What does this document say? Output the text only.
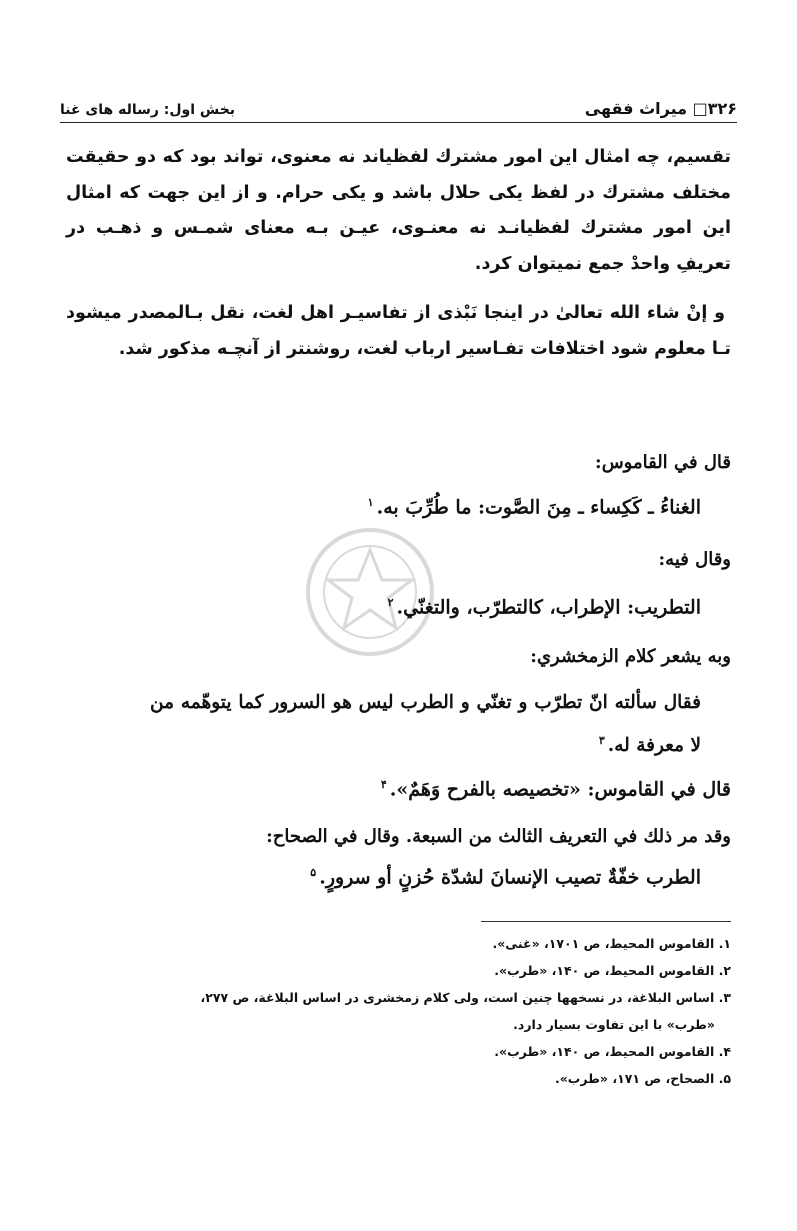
۳۲۶□ میراث فقهی
بخش اول: رساله های غنا

تقسیم، چه امثال این امور مشترك لفظیاند نه معنوی، تواند بود که دو حقیقت مختلف مشترك در لفظ یکی حلال باشد و یکی حرام. و از این جهت که امثال این امور مشترك لفظیانـد نه معنـوی، عیـن بـه معنای شمـس و ذهـب در تعریفِ واحدْ جمع نمیتوان کرد.

و إنْ شاء الله تعالیٰ در اینجا نَبْذی از تفاسیـر اهل لغت، نقل بـالمصدر میشود تـا معلوم شود اختلافات تفـاسیر ارباب لغت، روشنتر از آنچـه مذکور شد.

قال في القاموس:
الغناءُ ـ كَكِساء ـ مِنَ الصَّوت: ما طُرِّبَ به.$^۱$
وقال فيه:
التطريب: الإطراب، كالتطرّب، والتغنّي.$^۲$
وبه يشعر كلام الزمخشري:
فقال سألته انّ تطرّب و تغنّي و الطرب ليس هو السرور كما يتوهّمه من لا معرفة له.$^۳$
قال في القاموس: «تخصيصه بالفرح وَهَمٌ».$^۴$
وقد مر ذلك في التعريف الثالث من السبعة. وقال في الصحاح:
الطرب خفّةٌ تصيب الإنسانَ لشدّة حُزنٍ أو سرورٍ.$^۵$

۱. القاموس المحیط، ص ۱۷۰۱، «غنی».

۲. القاموس المحیط، ص ۱۴۰، «طرب».

۳. اساس البلاغة، در نسخهها چنین است، ولی کلام زمخشری در اساس البلاغة، ص ۲۷۷،

«طرب» با این تفاوت بسیار دارد.

۴. القاموس المحیط، ص ۱۴۰، «طرب».

۵. الصحاح، ص ۱۷۱، «طرب».
